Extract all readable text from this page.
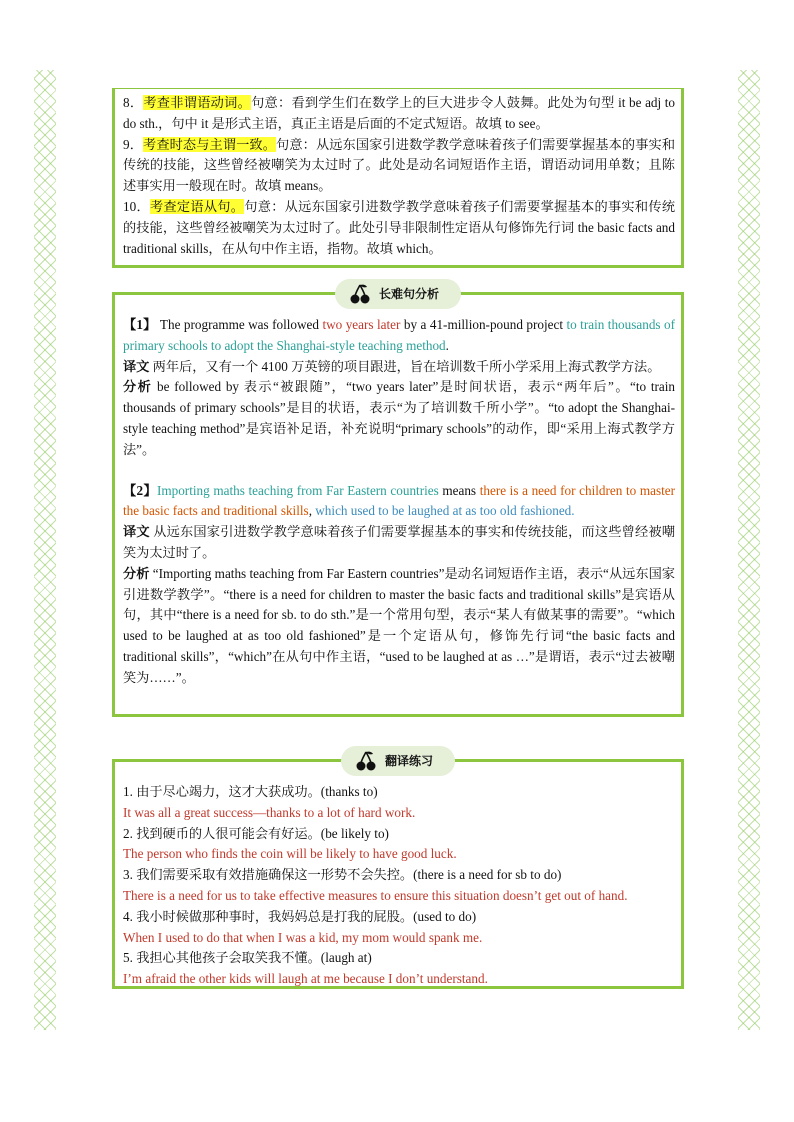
8．考查非谓语动词。句意：看到学生们在数学上的巨大进步令人鼓舞。此处为句型 it be adj to do sth.，句中 it 是形式主语，真正主语是后面的不定式短语。故填 to see。

9．考查时态与主谓一致。句意：从远东国家引进数学教学意味着孩子们需要掌握基本的事实和传统的技能，这些曾经被嘲笑为太过时了。此处是动名词短语作主语，谓语动词用单数；且陈述事实用一般现在时。故填 means。

10．考查定语从句。句意：从远东国家引进数学教学意味着孩子们需要掌握基本的事实和传统的技能，这些曾经被嘲笑为太过时了。此处引导非限制性定语从句修饰先行词 the basic facts and traditional skills，在从句中作主语，指物。故填 which。

长难句分析

【1】 The programme was followed two years later by a 41-million-pound project to train thousands of primary schools to adopt the Shanghai-style teaching method.

译文 两年后，又有一个 4100 万英镑的项目跟进，旨在培训数千所小学采用上海式教学方法。

分析 be followed by 表示“被跟随”，“two years later”是时间状语，表示“两年后”。“to train thousands of primary schools”是目的状语，表示“为了培训数千所小学”。“to adopt the Shanghai-style teaching method”是宾语补足语，补充说明“primary schools”的动作，即“采用上海式教学方法”。

【2】Importing maths teaching from Far Eastern countries means there is a need for children to master the basic facts and traditional skills, which used to be laughed at as too old fashioned.

译文 从远东国家引进数学教学意味着孩子们需要掌握基本的事实和传统技能，而这些曾经被嘲笑为太过时了。

分析 “Importing maths teaching from Far Eastern countries”是动名词短语作主语，表示“从远东国家引进数学教学”。“there is a need for children to master the basic facts and traditional skills”是宾语从句，其中“there is a need for sb. to do sth.”是一个常用句型，表示“某人有做某事的需要”。“which used to be laughed at as too old fashioned”是一个定语从句，修饰先行词“the basic facts and traditional skills”，“which”在从句中作主语，“used to be laughed at as …”是谓语，表示“过去被嘲笑为……”。

翻译练习

1. 由于尽心竭力，这才大获成功。(thanks to)

It was all a great success—thanks to a lot of hard work.

2. 找到硬币的人很可能会有好运。(be likely to)

The person who finds the coin will be likely to have good luck.

3. 我们需要采取有效措施确保这一形势不会失控。(there is a need for sb to do)

There is a need for us to take effective measures to ensure this situation doesn’t get out of hand.

4. 我小时候做那种事时，我妈妈总是打我的屁股。(used to do)

When I used to do that when I was a kid, my mom would spank me.

5. 我担心其他孩子会取笑我不懂。(laugh at)

I’m afraid the other kids will laugh at me because I don’t understand.
